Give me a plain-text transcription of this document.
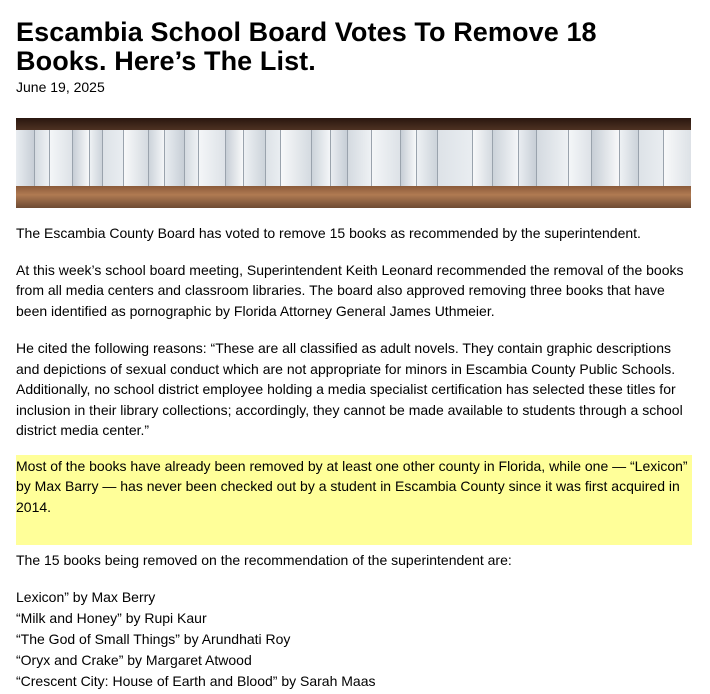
Escambia School Board Votes To Remove 18 Books. Here’s The List.
June 19, 2025

The Escambia County Board has voted to remove 15 books as recommended by the superintendent.

At this week’s school board meeting, Superintendent Keith Leonard recommended the removal of the books from all media centers and classroom libraries. The board also approved removing three books that have been identified as pornographic by Florida Attorney General James Uthmeier.

He cited the following reasons: “These are all classified as adult novels. They contain graphic descriptions and depictions of sexual conduct which are not appropriate for minors in Escambia County Public Schools. Additionally, no school district employee holding a media specialist certification has selected these titles for inclusion in their library collections; accordingly, they cannot be made available to students through a school district media center.”

Most of the books have already been removed by at least one other county in Florida, while one — “Lexicon” by Max Barry — has never been checked out by a student in Escambia County since it was first acquired in 2014.

The 15 books being removed on the recommendation of the superintendent are:

Lexicon” by Max Berry
“Milk and Honey” by Rupi Kaur
“The God of Small Things” by Arundhati Roy
“Oryx and Crake” by Margaret Atwood
“Crescent City: House of Earth and Blood” by Sarah Maas
